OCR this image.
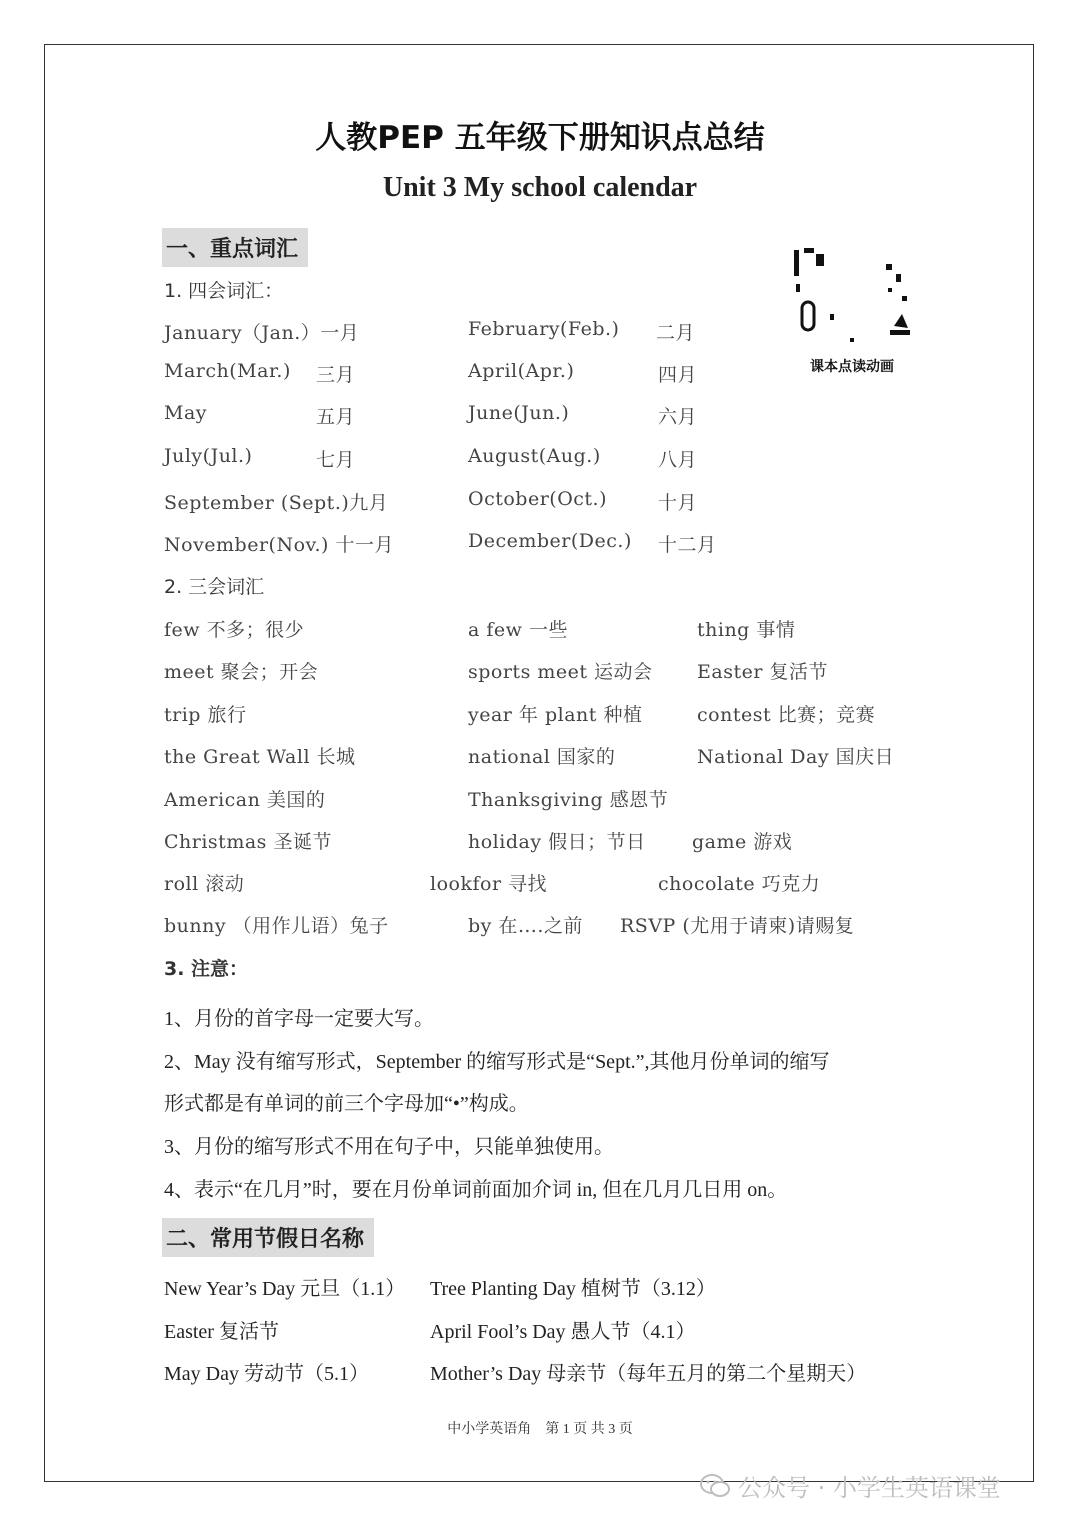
人教PEP 五年级下册知识点总结
Unit 3 My school calendar
一、重点词汇
1. 四会词汇：
January（Jan.）一月	February(Feb.) 二月
March(Mar.) 三月	April(Apr.)	四月
May	五月	June(Jun.)	六月
July(Jul.)	七月	August(Aug.)	八月
September (Sept.)九月	October(Oct.)	十月
November(Nov.) 十一月	December(Dec.) 十二月
课本点读动画
2. 三会词汇
few 不多；很少	a few 一些	thing 事情
meet 聚会；开会	sports meet 运动会 Easter 复活节
trip 旅行	year 年 plant 种植	contest 比赛；竞赛
the Great Wall 长城	national 国家的	National Day 国庆日
American 美国的	Thanksgiving 感恩节
Christmas 圣诞节	holiday 假日；节日 game 游戏
roll 滚动	lookfor 寻找	chocolate 巧克力
bunny （用作儿语）兔子	by 在….之前 RSVP (尤用于请柬)请赐复
3. 注意：
1、月份的首字母一定要大写。
2、May 没有缩写形式，September 的缩写形式是“Sept.”,其他月份单词的缩写
形式都是有单词的前三个字母加“•”构成。
3、月份的缩写形式不用在句子中，只能单独使用。
4、表示“在几月”时，要在月份单词前面加介词 in, 但在几月几日用 on。
二、常用节假日名称
New Year’s Day 元旦（1.1） Tree Planting Day 植树节（3.12）
Easter 复活节	April Fool’s Day 愚人节（4.1）
May Day 劳动节（5.1）	Mother’s Day 母亲节（每年五月的第二个星期天）
中小学英语角　第 1 页 共 3 页
公众号 · 小学生英语课堂
